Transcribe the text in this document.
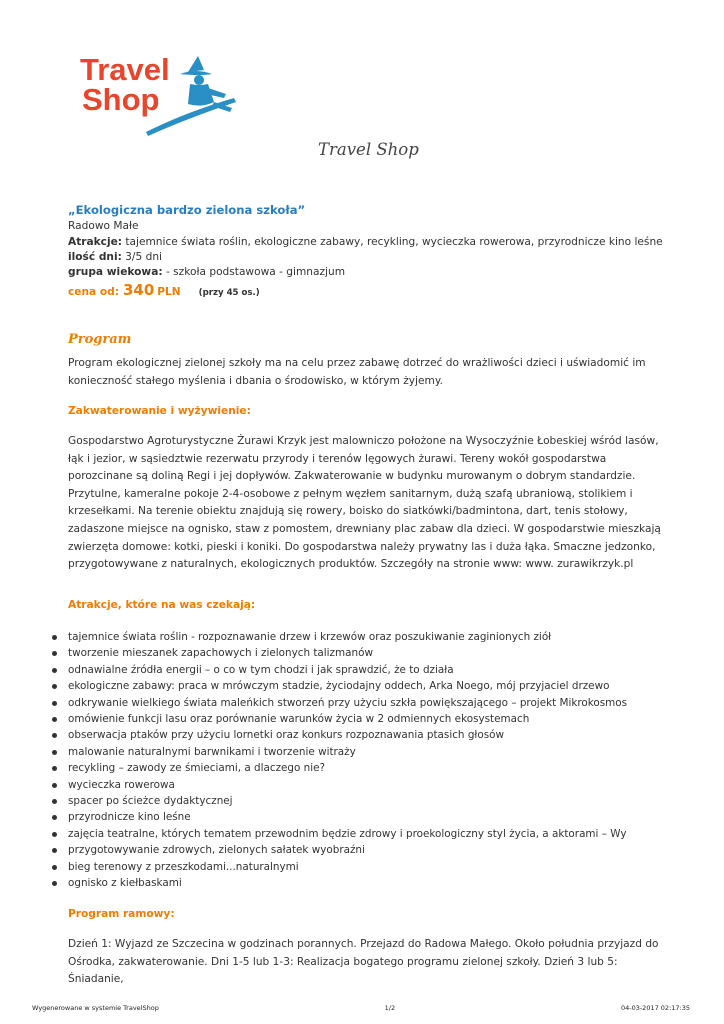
Travel
Shop
Travel Shop
„Ekologiczna bardzo zielona szkoła”
Radowo Małe
Atrakcje: tajemnice świata roślin, ekologiczne zabawy, recykling, wycieczka rowerowa, przyrodnicze kino leśne
ilość dni: 3/5 dni
grupa wiekowa: - szkoła podstawowa - gimnazjum
cena od: 340 PLN (przy 45 os.)
Program

Program ekologicznej zielonej szkoły ma na celu przez zabawę dotrzeć do wrażliwości dzieci i uświadomić im konieczność stałego myślenia i dbania o środowisko, w którym żyjemy.

Zakwaterowanie i wyżywienie:

Gospodarstwo Agroturystyczne Żurawi Krzyk jest malowniczo położone na Wysoczyźnie Łobeskiej wśród lasów, łąk i jezior, w sąsiedztwie rezerwatu przyrody i terenów lęgowych żurawi. Tereny wokół gospodarstwa porozcinane są doliną Regi i jej dopływów. Zakwaterowanie w budynku murowanym o dobrym standardzie. Przytulne, kameralne pokoje 2-4-osobowe z pełnym węzłem sanitarnym, dużą szafą ubraniową, stolikiem i krzesełkami. Na terenie obiektu znajdują się rowery, boisko do siatkówki/badmintona, dart, tenis stołowy, zadaszone miejsce na ognisko, staw z pomostem, drewniany plac zabaw dla dzieci. W gospodarstwie mieszkają zwierzęta domowe: kotki, pieski i koniki. Do gospodarstwa należy prywatny las i duża łąka. Smaczne jedzonko, przygotowywane z naturalnych, ekologicznych produktów. Szczegóły na stronie www: www. zurawikrzyk.pl

Atrakcje, które na was czekają:
tajemnice świata roślin - rozpoznawanie drzew i krzewów oraz poszukiwanie zaginionych ziół
tworzenie mieszanek zapachowych i zielonych talizmanów
odnawialne źródła energii – o co w tym chodzi i jak sprawdzić, że to działa
ekologiczne zabawy: praca w mrówczym stadzie, życiodajny oddech, Arka Noego, mój przyjaciel drzewo
odkrywanie wielkiego świata maleńkich stworzeń przy użyciu szkła powiększającego – projekt Mikrokosmos
omówienie funkcji lasu oraz porównanie warunków życia w 2 odmiennych ekosystemach
obserwacja ptaków przy użyciu lornetki oraz konkurs rozpoznawania ptasich głosów
malowanie naturalnymi barwnikami i tworzenie witraży
recykling – zawody ze śmieciami, a dlaczego nie?
wycieczka rowerowa
spacer po ścieżce dydaktycznej
przyrodnicze kino leśne
zajęcia teatralne, których tematem przewodnim będzie zdrowy i proekologiczny styl życia, a aktorami – Wy
przygotowywanie zdrowych, zielonych sałatek wyobraźni
bieg terenowy z przeszkodami...naturalnymi
ognisko z kiełbaskami
Program ramowy:

Dzień 1: Wyjazd ze Szczecina w godzinach porannych. Przejazd do Radowa Małego. Około południa przyjazd do Ośrodka, zakwaterowanie. Dni 1-5 lub 1-3: Realizacja bogatego programu zielonej szkoły. Dzień 3 lub 5: Śniadanie,

Wygenerowane w systemie TravelShop	1/2	04-03-2017 02:17:35
